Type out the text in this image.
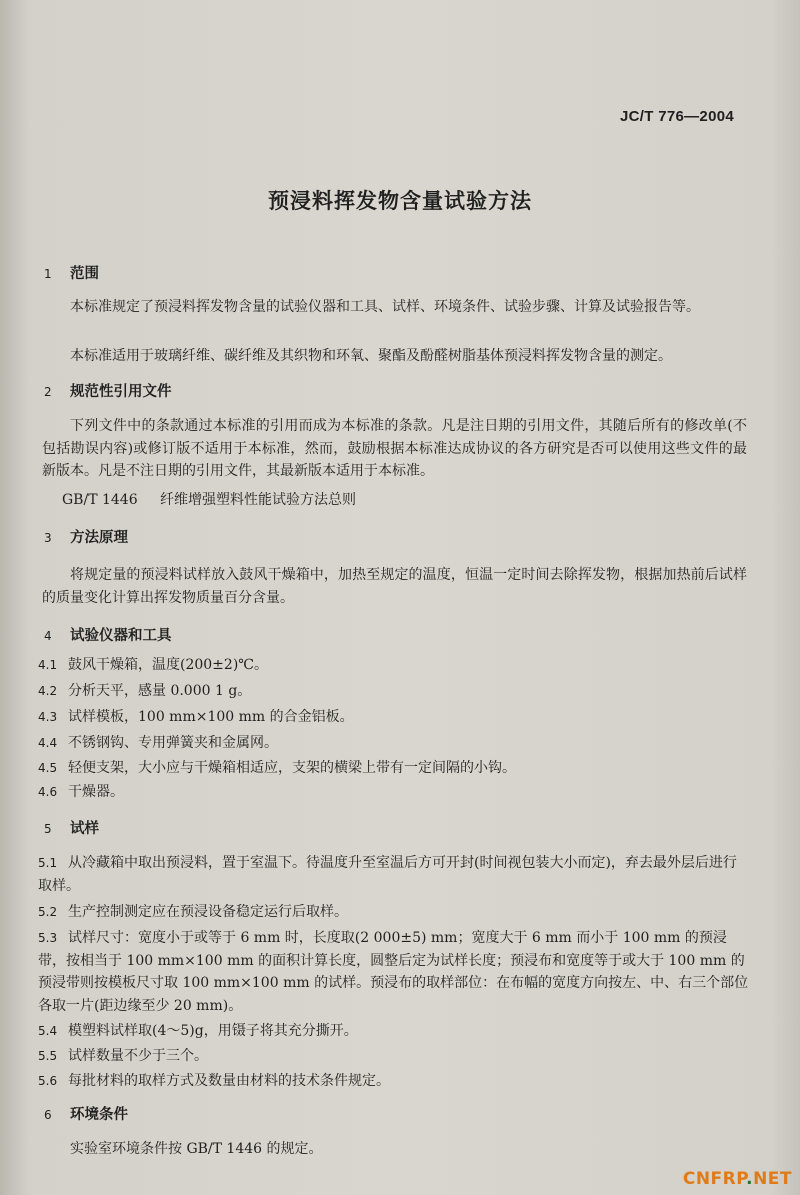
JC/T 776—2004
预浸料挥发物含量试验方法
1 范围
本标准规定了预浸料挥发物含量的试验仪器和工具、试样、环境条件、试验步骤、计算及试验报告等。
本标准适用于玻璃纤维、碳纤维及其织物和环氧、聚酯及酚醛树脂基体预浸料挥发物含量的测定。
2 规范性引用文件
下列文件中的条款通过本标准的引用而成为本标准的条款。凡是注日期的引用文件，其随后所有的修改单(不包括勘误内容)或修订版不适用于本标准，然而，鼓励根据本标准达成协议的各方研究是否可以使用这些文件的最新版本。凡是不注日期的引用文件，其最新版本适用于本标准。
GB/T 1446 纤维增强塑料性能试验方法总则
3 方法原理
将规定量的预浸料试样放入鼓风干燥箱中，加热至规定的温度，恒温一定时间去除挥发物，根据加热前后试样的质量变化计算出挥发物质量百分含量。
4 试验仪器和工具
4.1 鼓风干燥箱，温度(200±2)℃。
4.2 分析天平，感量 0.000 1 g。
4.3 试样模板，100 mm×100 mm 的合金铝板。
4.4 不锈钢钩、专用弹簧夹和金属网。
4.5 轻便支架，大小应与干燥箱相适应，支架的横梁上带有一定间隔的小钩。
4.6 干燥器。
5 试样
5.1 从冷藏箱中取出预浸料，置于室温下。待温度升至室温后方可开封(时间视包装大小而定)，弃去最外层后进行取样。
5.2 生产控制测定应在预浸设备稳定运行后取样。
5.3 试样尺寸：宽度小于或等于 6 mm 时，长度取(2 000±5) mm；宽度大于 6 mm 而小于 100 mm 的预浸带，按相当于 100 mm×100 mm 的面积计算长度，圆整后定为试样长度；预浸布和宽度等于或大于 100 mm 的预浸带则按模板尺寸取 100 mm×100 mm 的试样。预浸布的取样部位：在布幅的宽度方向按左、中、右三个部位各取一片(距边缘至少 20 mm)。
5.4 模塑料试样取(4～5)g，用镊子将其充分撕开。
5.5 试样数量不少于三个。
5.6 每批材料的取样方式及数量由材料的技术条件规定。
6 环境条件
实验室环境条件按 GB/T 1446 的规定。
CNFRP.NET
